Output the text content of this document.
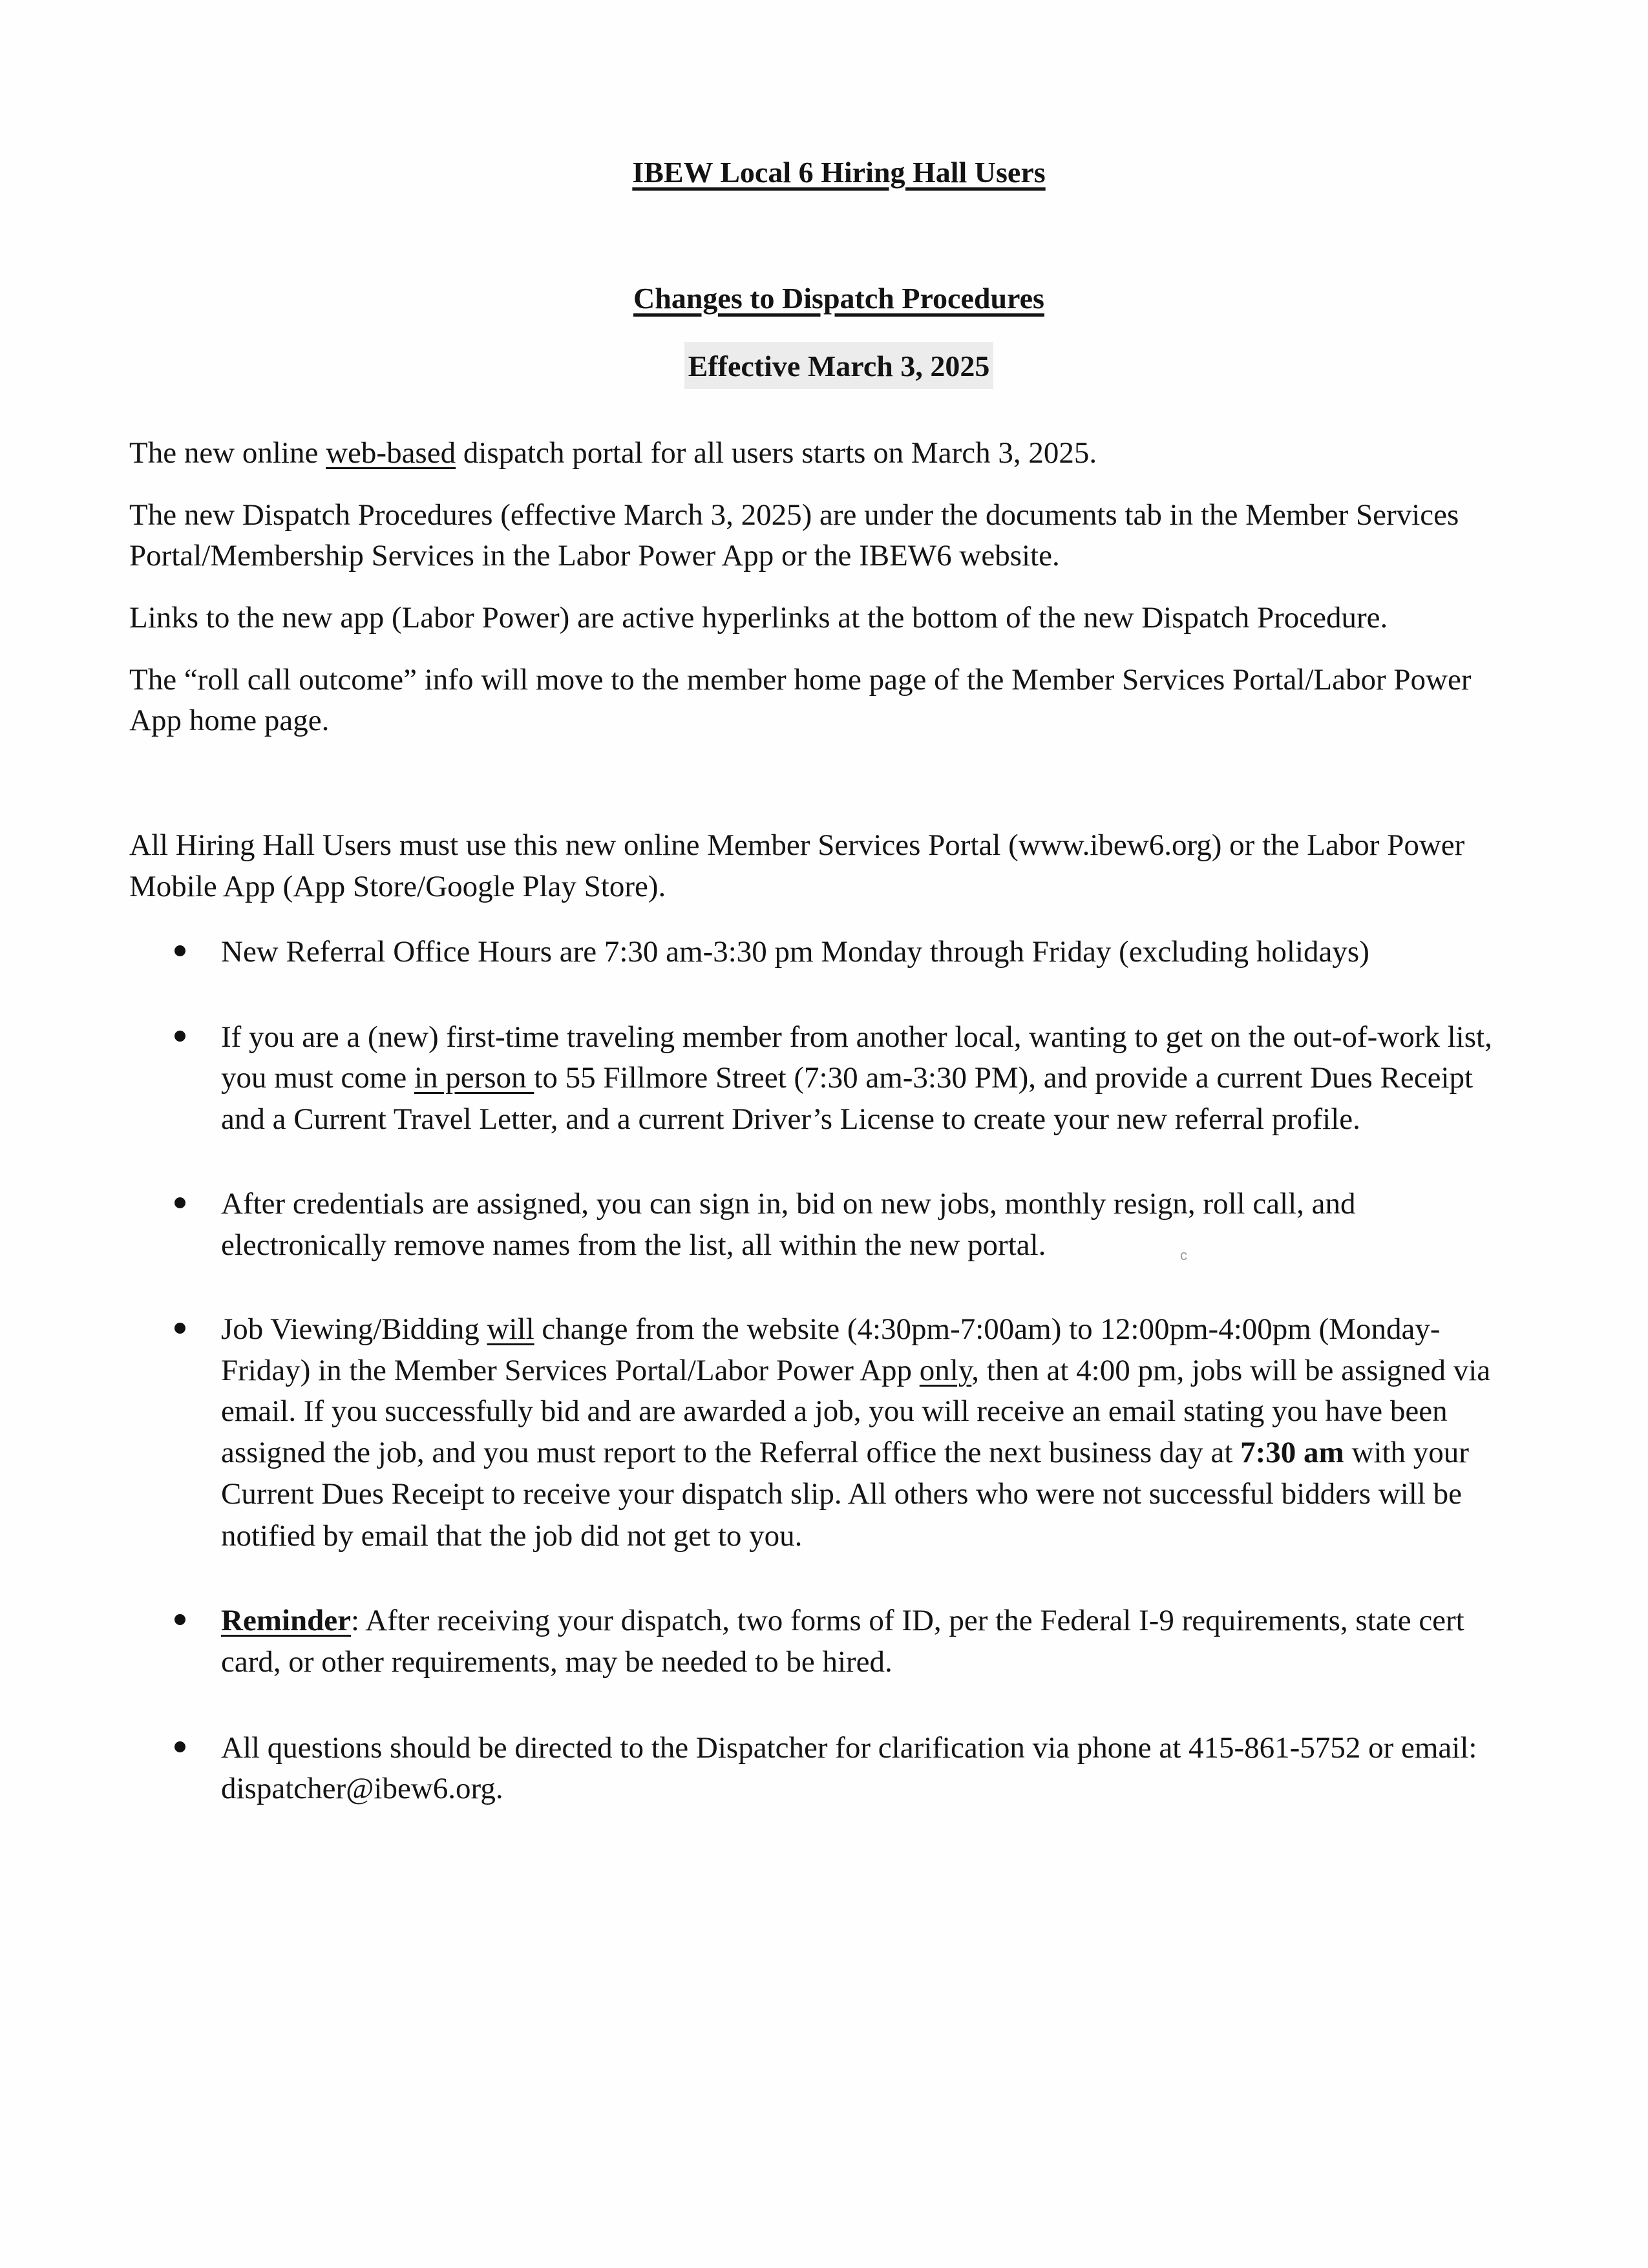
IBEW Local 6 Hiring Hall Users

Changes to Dispatch Procedures

Effective March 3, 2025

The new online web-based dispatch portal for all users starts on March 3, 2025.
The new Dispatch Procedures (effective March 3, 2025) are under the documents tab in the Member Services
Portal/Membership Services in the Labor Power App or the IBEW6 website.
Links to the new app (Labor Power) are active hyperlinks at the bottom of the new Dispatch Procedure.
The “roll call outcome” info will move to the member home page of the Member Services Portal/Labor Power
App home page.
All Hiring Hall Users must use this new online Member Services Portal (www.ibew6.org) or the Labor Power
Mobile App (App Store/Google Play Store).
New Referral Office Hours are 7:30 am-3:30 pm Monday through Friday (excluding holidays)
If you are a (new) first-time traveling member from another local, wanting to get on the out-of-work list,
you must come in person to 55 Fillmore Street (7:30 am-3:30 PM), and provide a current Dues Receipt
and a Current Travel Letter, and a current Driver’s License to create your new referral profile.
After credentials are assigned, you can sign in, bid on new jobs, monthly resign, roll call, and
electronically remove names from the list, all within the new portal.
Job Viewing/Bidding will change from the website (4:30pm-7:00am) to 12:00pm-4:00pm (Monday-
Friday) in the Member Services Portal/Labor Power App only, then at 4:00 pm, jobs will be assigned via
email. If you successfully bid and are awarded a job, you will receive an email stating you have been
assigned the job, and you must report to the Referral office the next business day at 7:30 am with your
Current Dues Receipt to receive your dispatch slip. All others who were not successful bidders will be
notified by email that the job did not get to you.
Reminder: After receiving your dispatch, two forms of ID, per the Federal I-9 requirements, state cert
card, or other requirements, may be needed to be hired.
All questions should be directed to the Dispatcher for clarification via phone at 415-861-5752 or email:
dispatcher@ibew6.org.
c
